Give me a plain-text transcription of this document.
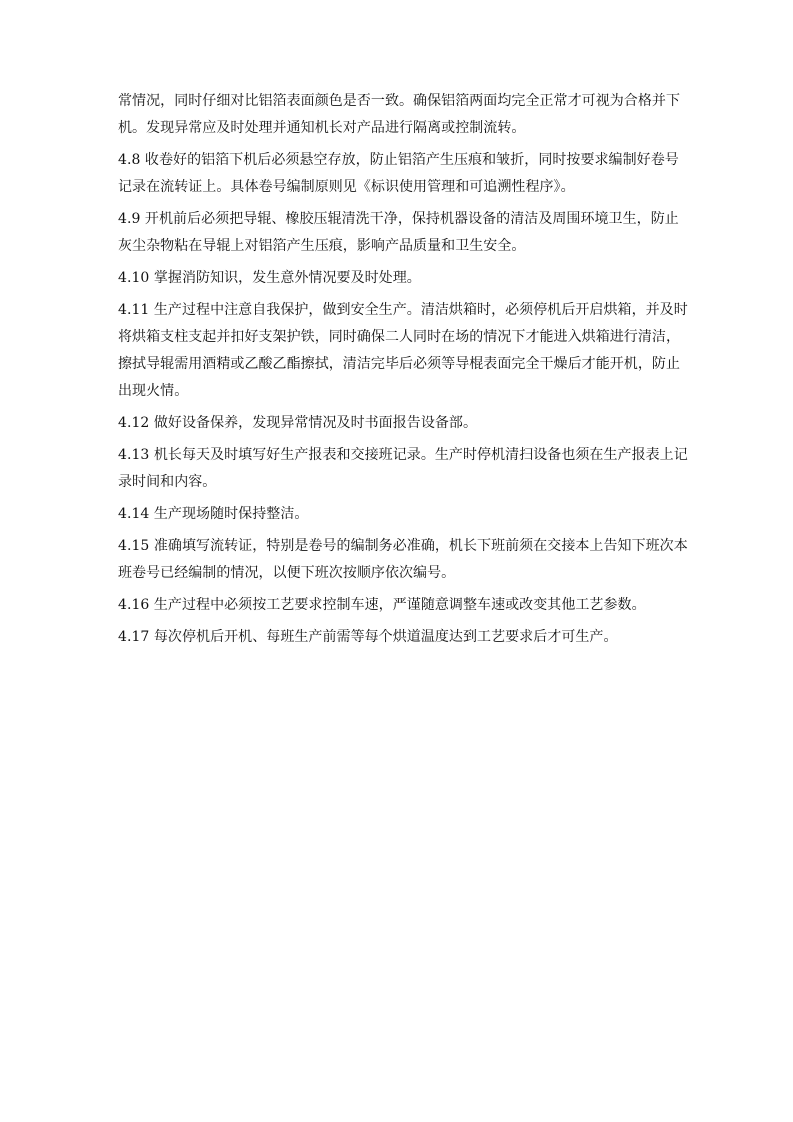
常情况，同时仔细对比铝箔表面颜色是否一致。确保铝箔两面均完全正常才可视为合格并下
机。发现异常应及时处理并通知机长对产品进行隔离或控制流转。

4.8 收卷好的铝箔下机后必须悬空存放，防止铝箔产生压痕和皱折，同时按要求编制好卷号
记录在流转证上。具体卷号编制原则见《标识使用管理和可追溯性程序》。

4.9 开机前后必须把导辊、橡胶压辊清洗干净，保持机器设备的清洁及周围环境卫生，防止
灰尘杂物粘在导辊上对铝箔产生压痕，影响产品质量和卫生安全。

4.10 掌握消防知识，发生意外情况要及时处理。

4.11 生产过程中注意自我保护，做到安全生产。清洁烘箱时，必须停机后开启烘箱，并及时
将烘箱支柱支起并扣好支架护铁，同时确保二人同时在场的情况下才能进入烘箱进行清洁，
擦拭导辊需用酒精或乙酸乙酯擦拭，清洁完毕后必须等导棍表面完全干燥后才能开机，防止
出现火情。

4.12 做好设备保养，发现异常情况及时书面报告设备部。

4.13 机长每天及时填写好生产报表和交接班记录。生产时停机清扫设备也须在生产报表上记
录时间和内容。

4.14 生产现场随时保持整洁。

4.15 准确填写流转证，特别是卷号的编制务必准确，机长下班前须在交接本上告知下班次本
班卷号已经编制的情况，以便下班次按顺序依次编号。

4.16 生产过程中必须按工艺要求控制车速，严谨随意调整车速或改变其他工艺参数。

4.17 每次停机后开机、每班生产前需等每个烘道温度达到工艺要求后才可生产。
